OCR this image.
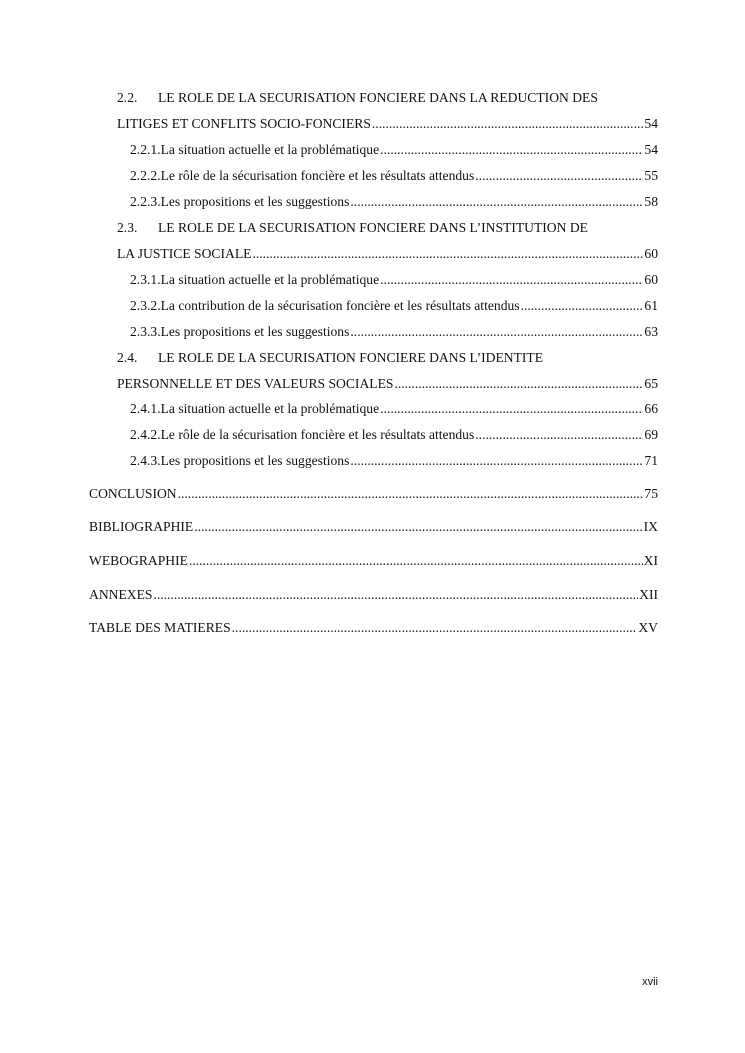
2.2.	LE ROLE DE LA SECURISATION FONCIERE DANS LA REDUCTION DES
LITIGES ET CONFLITS SOCIO-FONCIERS .....	54
2.2.1. La situation actuelle et la problématique .....	54
2.2.2. Le rôle de la sécurisation foncière et les résultats attendus .....	55
2.2.3. Les propositions et les suggestions .....	58
2.3.	LE ROLE DE LA SECURISATION FONCIERE DANS L’INSTITUTION DE
LA JUSTICE SOCIALE .....	60
2.3.1. La situation actuelle et la problématique .....	60
2.3.2. La contribution de la sécurisation foncière et les résultats attendus .....	61
2.3.3. Les propositions et les suggestions .....	63
2.4.	LE ROLE DE LA SECURISATION FONCIERE DANS L’IDENTITE
PERSONNELLE ET DES VALEURS SOCIALES .....	65
2.4.1. La situation actuelle et la problématique .....	66
2.4.2. Le rôle de la sécurisation foncière et les résultats attendus .....	69
2.4.3. Les propositions et les suggestions .....	71
CONCLUSION .....	75
BIBLIOGRAPHIE .....	IX
WEBOGRAPHIE .....	XI
ANNEXES .....	XII
TABLE DES MATIERES .....	XV
xvii
